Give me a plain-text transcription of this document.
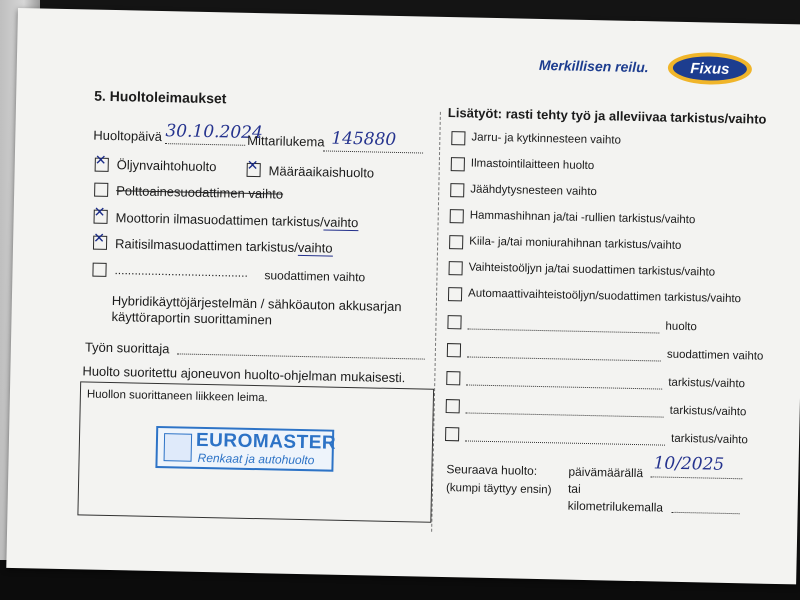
Merkillisen reilu.	Fixus
5. Huoltoleimaukset
Huoltopäivä 30.10.2024
Mittarilukema 145880
✕ Öljynvaihtohuolto ✕ Määräaikaishuolto
Polttoainesuodattimen vaihto
✕ Moottorin ilmasuodattimen tarkistus/vaihto
✕ Raitisilmasuodattimen tarkistus/vaihto
........................................ suodattimen vaihto
Hybridikäyttöjärjestelmän / sähköauton akkusarjan
käyttöraportin suorittaminen
Työn suorittaja
Huolto suoritettu ajoneuvon huolto-ohjelman mukaisesti.
Huollon suorittaneen liikkeen leima.
EUROMASTER
Renkaat ja autohuolto
Lisätyöt: rasti tehty työ ja alleviivaa tarkistus/vaihto
Jarru- ja kytkinnesteen vaihto
Ilmastointilaitteen huolto
Jäähdytysnesteen vaihto
Hammashihnan ja/tai -rullien tarkistus/vaihto
Kiila- ja/tai moniurahihnan tarkistus/vaihto
Vaihteistoöljyn ja/tai suodattimen tarkistus/vaihto
Automaattivaihteistoöljyn/suodattimen tarkistus/vaihto
huolto
suodattimen vaihto
tarkistus/vaihto
tarkistus/vaihto
tarkistus/vaihto
Seuraava huolto:
(kumpi täyttyy ensin)
päivämäärällä 10/2025
tai
kilometrilukemalla
